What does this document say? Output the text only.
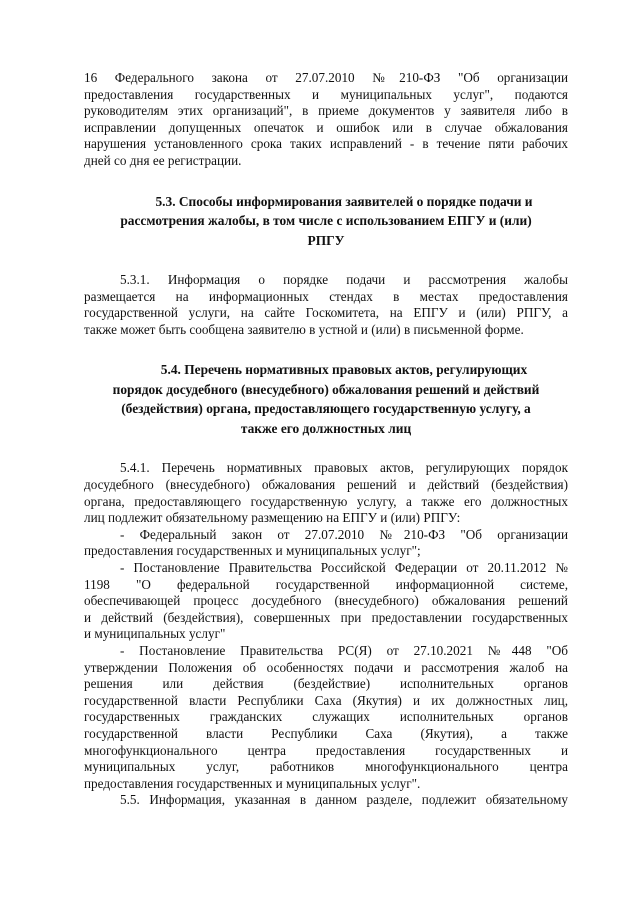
16 Федерального закона от 27.07.2010 №210-ФЗ "Об организации
предоставления государственных и муниципальных услуг", подаются
руководителям этих организаций", в приеме документов у заявителя либо в
исправлении допущенных опечаток и ошибок или в случае обжалования
нарушения установленного срока таких исправлений - в течение пяти рабочих
дней со дня ее регистрации.
5.3. Способы информирования заявителей о порядке подачи и
рассмотрения жалобы, в том числе с использованием ЕПГУ и (или)
РПГУ
5.3.1. Информация о порядке подачи и рассмотрения жалобы
размещается на информационных стендах в местах предоставления
государственной услуги, на сайте Госкомитета, на ЕПГУ и (или) РПГУ, а
также может быть сообщена заявителю в устной и (или) в письменной форме.
5.4. Перечень нормативных правовых актов, регулирующих
порядок досудебного (внесудебного) обжалования решений и действий
(бездействия) органа, предоставляющего государственную услугу, а
также его должностных лиц
5.4.1. Перечень нормативных правовых актов, регулирующих порядок
досудебного (внесудебного) обжалования решений и действий (бездействия)
органа, предоставляющего государственную услугу, а также его должностных
лиц подлежит обязательному размещению на ЕПГУ и (или) РПГУ:
- Федеральный закон от 27.07.2010 №210-ФЗ "Об организации
предоставления государственных и муниципальных услуг";
- Постановление Правительства Российской Федерации от 20.11.2012 №
1198 "О федеральной государственной информационной системе,
обеспечивающей процесс досудебного (внесудебного) обжалования решений
и действий (бездействия), совершенных при предоставлении государственных
и муниципальных услуг"
- Постановление Правительства РС(Я) от 27.10.2021 №448 "Об
утверждении Положения об особенностях подачи и рассмотрения жалоб на
решения или действия (бездействие) исполнительных органов
государственной власти Республики Саха (Якутия) и их должностных лиц,
государственных гражданских служащих исполнительных органов
государственной власти Республики Саха (Якутия), а также
многофункционального центра предоставления государственных и
муниципальных услуг, работников многофункционального центра
предоставления государственных и муниципальных услуг".
5.5. Информация, указанная в данном разделе, подлежит обязательному
